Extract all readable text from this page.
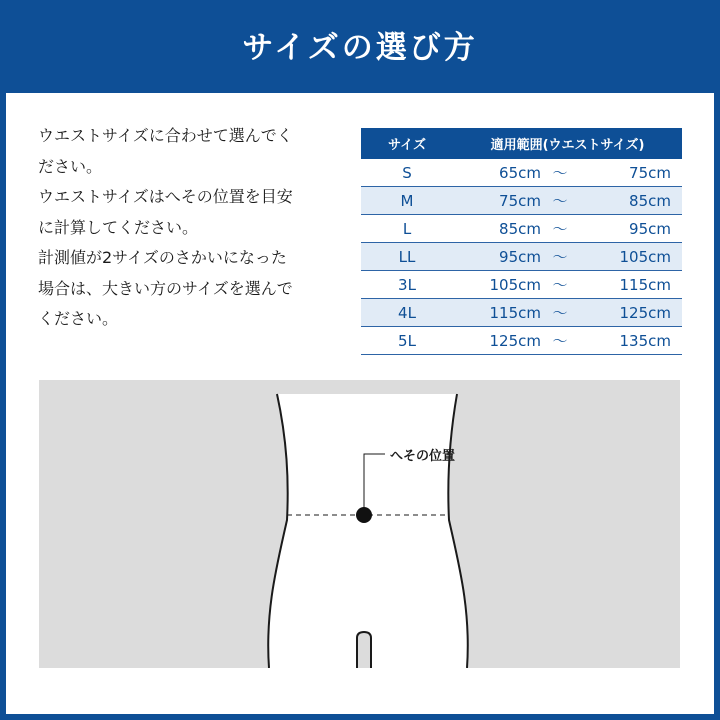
サイズの選び方
ウエストサイズに合わせて選んでく
ださい。
ウエストサイズはへその位置を目安
に計算してください。
計測値が2サイズのさかいになった
場合は、大きい方のサイズを選んで
ください。
サイズ	適用範囲(ウエストサイズ)
S	65cm 〜 75cm

M	75cm 〜 85cm

L	85cm 〜 95cm

LL	95cm 〜 105cm

3L	105cm 〜 115cm

4L	115cm 〜 125cm

5L	125cm 〜 135cm
へその位置
